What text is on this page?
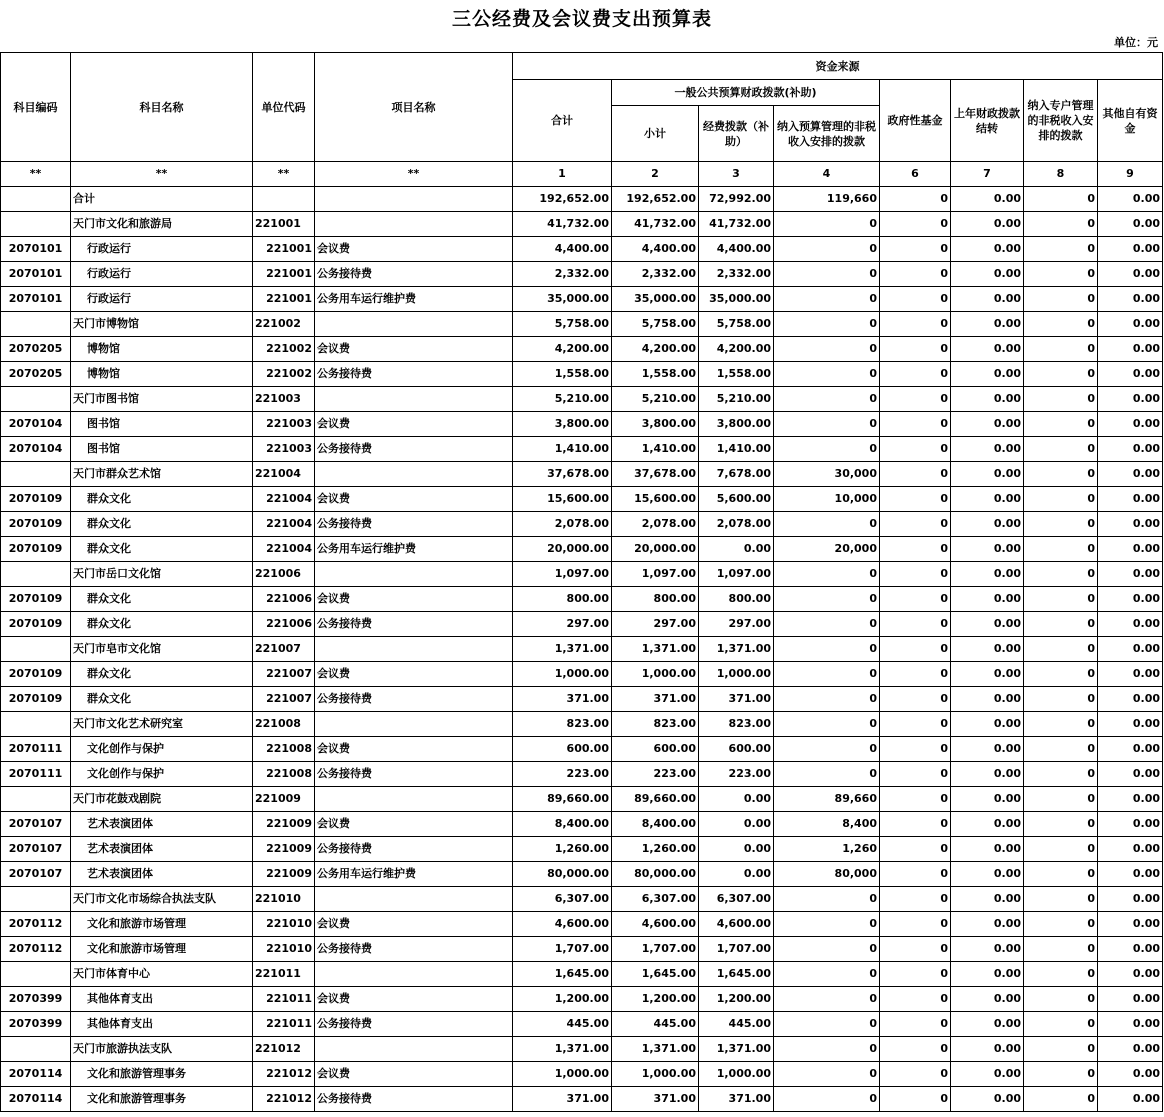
三公经费及会议费支出预算表
单位：元
科目编码	科目名称	单位代码	项目名称	资金来源							
				合计	一般公共预算财政拨款(补助)			政府性基金	上年财政拨款结转	纳入专户管理的非税收入安排的拨款	其他自有资金
					小计	经费拨款（补助）	纳入预算管理的非税收入安排的拨款				
**	**	**	**	1	2	3	4	6	7	8	9
	合计			192,652.00	192,652.00	72,992.00	119,660	0	0.00	0	0.00
	天门市文化和旅游局	221001		41,732.00	41,732.00	41,732.00	0	0	0.00	0	0.00
2070101	行政运行	221001	会议费	4,400.00	4,400.00	4,400.00	0	0	0.00	0	0.00
2070101	行政运行	221001	公务接待费	2,332.00	2,332.00	2,332.00	0	0	0.00	0	0.00
2070101	行政运行	221001	公务用车运行维护费	35,000.00	35,000.00	35,000.00	0	0	0.00	0	0.00
	天门市博物馆	221002		5,758.00	5,758.00	5,758.00	0	0	0.00	0	0.00
2070205	博物馆	221002	会议费	4,200.00	4,200.00	4,200.00	0	0	0.00	0	0.00
2070205	博物馆	221002	公务接待费	1,558.00	1,558.00	1,558.00	0	0	0.00	0	0.00
	天门市图书馆	221003		5,210.00	5,210.00	5,210.00	0	0	0.00	0	0.00
2070104	图书馆	221003	会议费	3,800.00	3,800.00	3,800.00	0	0	0.00	0	0.00
2070104	图书馆	221003	公务接待费	1,410.00	1,410.00	1,410.00	0	0	0.00	0	0.00
	天门市群众艺术馆	221004		37,678.00	37,678.00	7,678.00	30,000	0	0.00	0	0.00
2070109	群众文化	221004	会议费	15,600.00	15,600.00	5,600.00	10,000	0	0.00	0	0.00
2070109	群众文化	221004	公务接待费	2,078.00	2,078.00	2,078.00	0	0	0.00	0	0.00
2070109	群众文化	221004	公务用车运行维护费	20,000.00	20,000.00	0.00	20,000	0	0.00	0	0.00
	天门市岳口文化馆	221006		1,097.00	1,097.00	1,097.00	0	0	0.00	0	0.00
2070109	群众文化	221006	会议费	800.00	800.00	800.00	0	0	0.00	0	0.00
2070109	群众文化	221006	公务接待费	297.00	297.00	297.00	0	0	0.00	0	0.00
	天门市皂市文化馆	221007		1,371.00	1,371.00	1,371.00	0	0	0.00	0	0.00
2070109	群众文化	221007	会议费	1,000.00	1,000.00	1,000.00	0	0	0.00	0	0.00
2070109	群众文化	221007	公务接待费	371.00	371.00	371.00	0	0	0.00	0	0.00
	天门市文化艺术研究室	221008		823.00	823.00	823.00	0	0	0.00	0	0.00
2070111	文化创作与保护	221008	会议费	600.00	600.00	600.00	0	0	0.00	0	0.00
2070111	文化创作与保护	221008	公务接待费	223.00	223.00	223.00	0	0	0.00	0	0.00
	天门市花鼓戏剧院	221009		89,660.00	89,660.00	0.00	89,660	0	0.00	0	0.00
2070107	艺术表演团体	221009	会议费	8,400.00	8,400.00	0.00	8,400	0	0.00	0	0.00
2070107	艺术表演团体	221009	公务接待费	1,260.00	1,260.00	0.00	1,260	0	0.00	0	0.00
2070107	艺术表演团体	221009	公务用车运行维护费	80,000.00	80,000.00	0.00	80,000	0	0.00	0	0.00
	天门市文化市场综合执法支队	221010		6,307.00	6,307.00	6,307.00	0	0	0.00	0	0.00
2070112	文化和旅游市场管理	221010	会议费	4,600.00	4,600.00	4,600.00	0	0	0.00	0	0.00
2070112	文化和旅游市场管理	221010	公务接待费	1,707.00	1,707.00	1,707.00	0	0	0.00	0	0.00
	天门市体育中心	221011		1,645.00	1,645.00	1,645.00	0	0	0.00	0	0.00
2070399	其他体育支出	221011	会议费	1,200.00	1,200.00	1,200.00	0	0	0.00	0	0.00
2070399	其他体育支出	221011	公务接待费	445.00	445.00	445.00	0	0	0.00	0	0.00
	天门市旅游执法支队	221012		1,371.00	1,371.00	1,371.00	0	0	0.00	0	0.00
2070114	文化和旅游管理事务	221012	会议费	1,000.00	1,000.00	1,000.00	0	0	0.00	0	0.00
2070114	文化和旅游管理事务	221012	公务接待费	371.00	371.00	371.00	0	0	0.00	0	0.00
